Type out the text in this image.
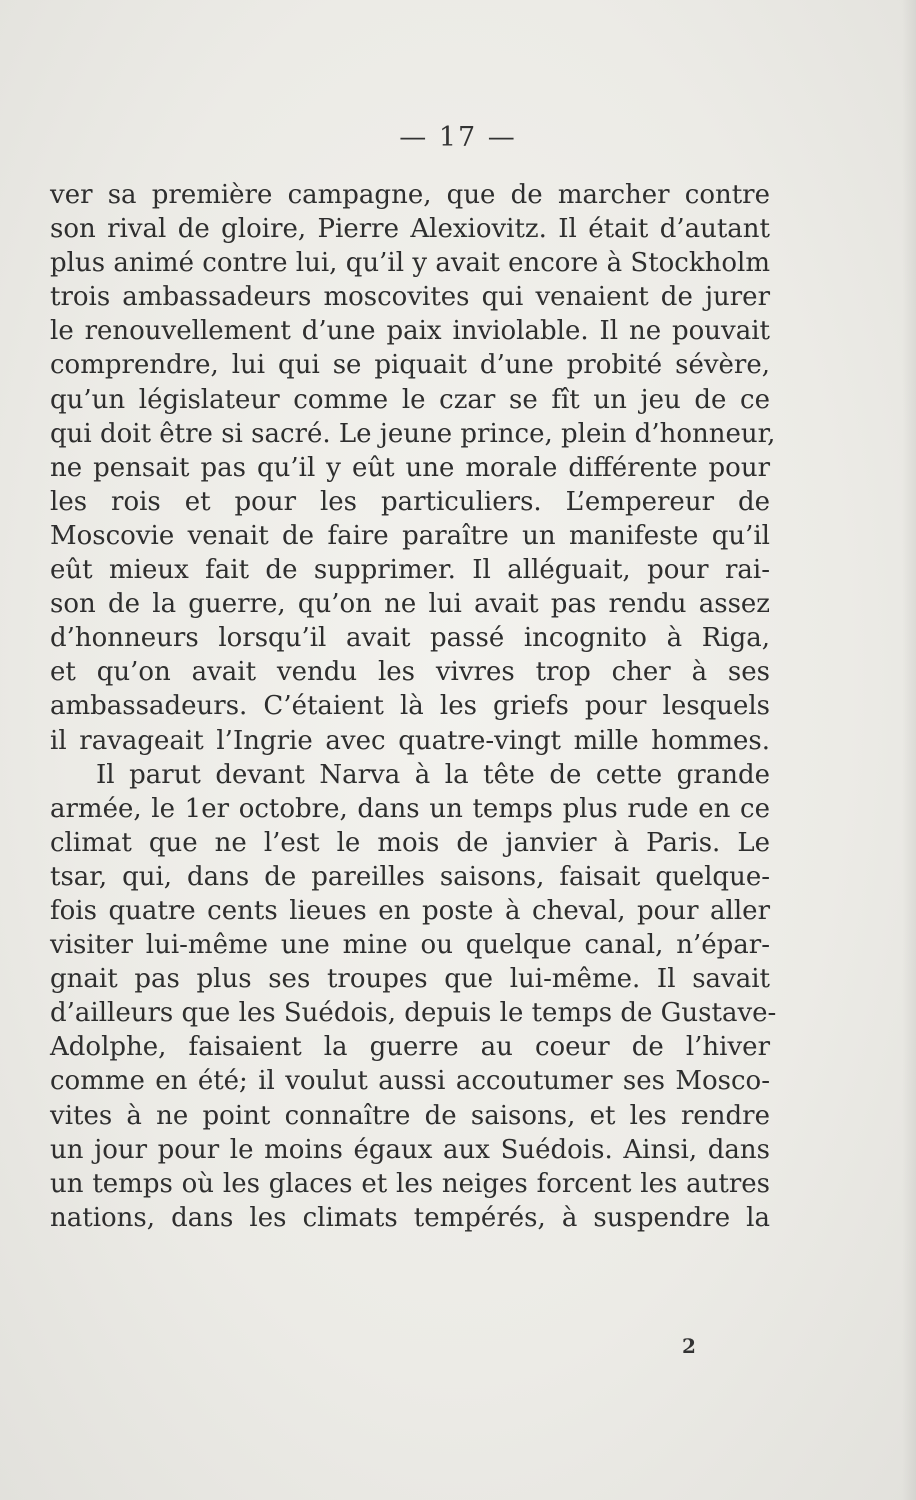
— 17 —
ver sa première campagne, que de marcher contre
son rival de gloire, Pierre Alexiovitz. Il était d’autant
plus animé contre lui, qu’il y avait encore à Stockholm
trois ambassadeurs moscovites qui venaient de jurer
le renouvellement d’une paix inviolable. Il ne pouvait
comprendre, lui qui se piquait d’une probité sévère,
qu’un législateur comme le czar se fît un jeu de ce
qui doit être si sacré. Le jeune prince, plein d’honneur,
ne pensait pas qu’il y eût une morale différente pour
les rois et pour les particuliers. L’empereur de
Moscovie venait de faire paraître un manifeste qu’il
eût mieux fait de supprimer. Il alléguait, pour rai-
son de la guerre, qu’on ne lui avait pas rendu assez
d’honneurs lorsqu’il avait passé incognito à Riga,
et qu’on avait vendu les vivres trop cher à ses
ambassadeurs. C’étaient là les griefs pour lesquels
il ravageait l’Ingrie avec quatre-vingt mille hommes.
Il parut devant Narva à la tête de cette grande
armée, le 1er octobre, dans un temps plus rude en ce
climat que ne l’est le mois de janvier à Paris. Le
tsar, qui, dans de pareilles saisons, faisait quelque-
fois quatre cents lieues en poste à cheval, pour aller
visiter lui-même une mine ou quelque canal, n’épar-
gnait pas plus ses troupes que lui-même. Il savait
d’ailleurs que les Suédois, depuis le temps de Gustave-
Adolphe, faisaient la guerre au coeur de l’hiver
comme en été; il voulut aussi accoutumer ses Mosco-
vites à ne point connaître de saisons, et les rendre
un jour pour le moins égaux aux Suédois. Ainsi, dans
un temps où les glaces et les neiges forcent les autres
nations, dans les climats tempérés, à suspendre la
2
